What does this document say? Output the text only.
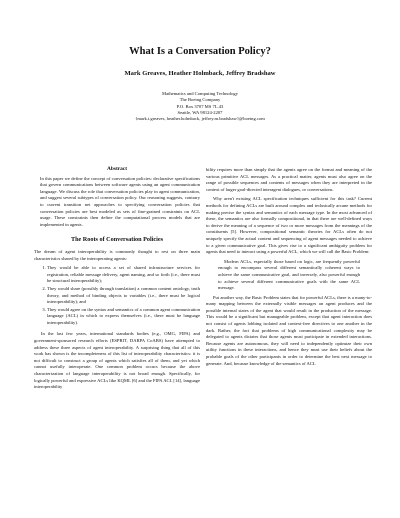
What Is a Conversation Policy?
Mark Greaves, Heather Holmback, Jeffrey Bradshaw
Mathematics and Computing Technology
The Boeing Company
P.O. Box 3707 MS 7L.43
Seattle, WA 98124-2207
{mark.t.greaves, heather.holmback, jeffrey.m.bradshaw}@boeing.com
Abstract

In this paper we define the concept of conversation policies: declarative specifications that govern communications between software agents using an agent communication language. We discuss the role that conversation policies play in agent communication, and suggest several subtypes of conversation policy. Our reasoning suggests, contrary to current transition net approaches to specifying conversation policies that conversation policies are best modeled as sets of fine-grained constraints on ACL usage. These constraints then define the computational process models that are implemented in agents.

The Roots of Conversation Policies

The dream of agent interoperability is commonly thought to rest on three main characteristics shared by the interoperating agents:

1. They would be able to access a set of shared infrastructure services for registration, reliable message delivery, agent naming, and so forth (i.e., there must be structural interoperability);
2. They would share (possibly through translation) a common content ontology, truth theory, and method of binding objects to variables (i.e., there must be logical interoperability); and
3. They would agree on the syntax and semantics of a common agent communication language (ACL) in which to express themselves (i.e., there must be language interoperability).

In the last few years, international standards bodies (e.g., OMG, FIPA) and government-sponsored research efforts (ESPRIT, DARPA CoABS) have attempted to address these three aspects of agent interoperability. A surprising thing that all of this work has shown is the incompleteness of this list of interoperability characteristics: it is not difficult to construct a group of agents which satisfies all of them, and yet which cannot usefully interoperate. One common problem occurs because the above characterization of language interoperability is not broad enough. Specifically, for logically powerful and expressive ACLs like KQML [6] and the FIPA ACL [14], language interoperability

bility requires more than simply that the agents agree on the format and meaning of the various primitive ACL messages. As a practical matter, agents must also agree on the range of possible sequences and contents of messages when they are interpreted in the context of larger goal-directed interagent dialogues, or conversations.

Why aren't existing ACL specification techniques sufficient for this task? Current methods for defining ACLs are built around complex and technically arcane methods for making precise the syntax and semantics of each message type. In the most advanced of these, the semantics are also formally compositional, in that there are well-defined ways to derive the meaning of a sequence of two or more messages from the meanings of the constituents [5]. However, compositional semantic theories for ACLs often do not uniquely specify the actual content and sequencing of agent messages needed to achieve to a given communicative goal. This gives rise to a significant ambiguity problem for agents that need to interact using a powerful ACL, which we will call the Basic Problem:

Modern ACLs, especially those based on logic, are frequently powerful enough to encompass several different semantically coherent ways to achieve the same communicative goal, and inversely, also powerful enough to achieve several different communicative goals with the same ACL message.

Put another way, the Basic Problem states that for powerful ACLs, there is a many-to-many mapping between the externally visible messages an agent produces and the possible internal states of the agent that would result in the production of the message. This would be a significant but manageable problem, except that agent interaction does not consist of agents lobbing isolated and context-free directives to one another in the dark. Rather, the fact that problems of high communicational complexity may be delegated to agents dictates that those agents must participate in extended interactions. Because agents are autonomous, they will need to independently optimize their own utility functions in these interactions, and hence they must use their beliefs about the probable goals of the other participants in order to determine the best next message to generate. And, because knowledge of the semantics of ACL
